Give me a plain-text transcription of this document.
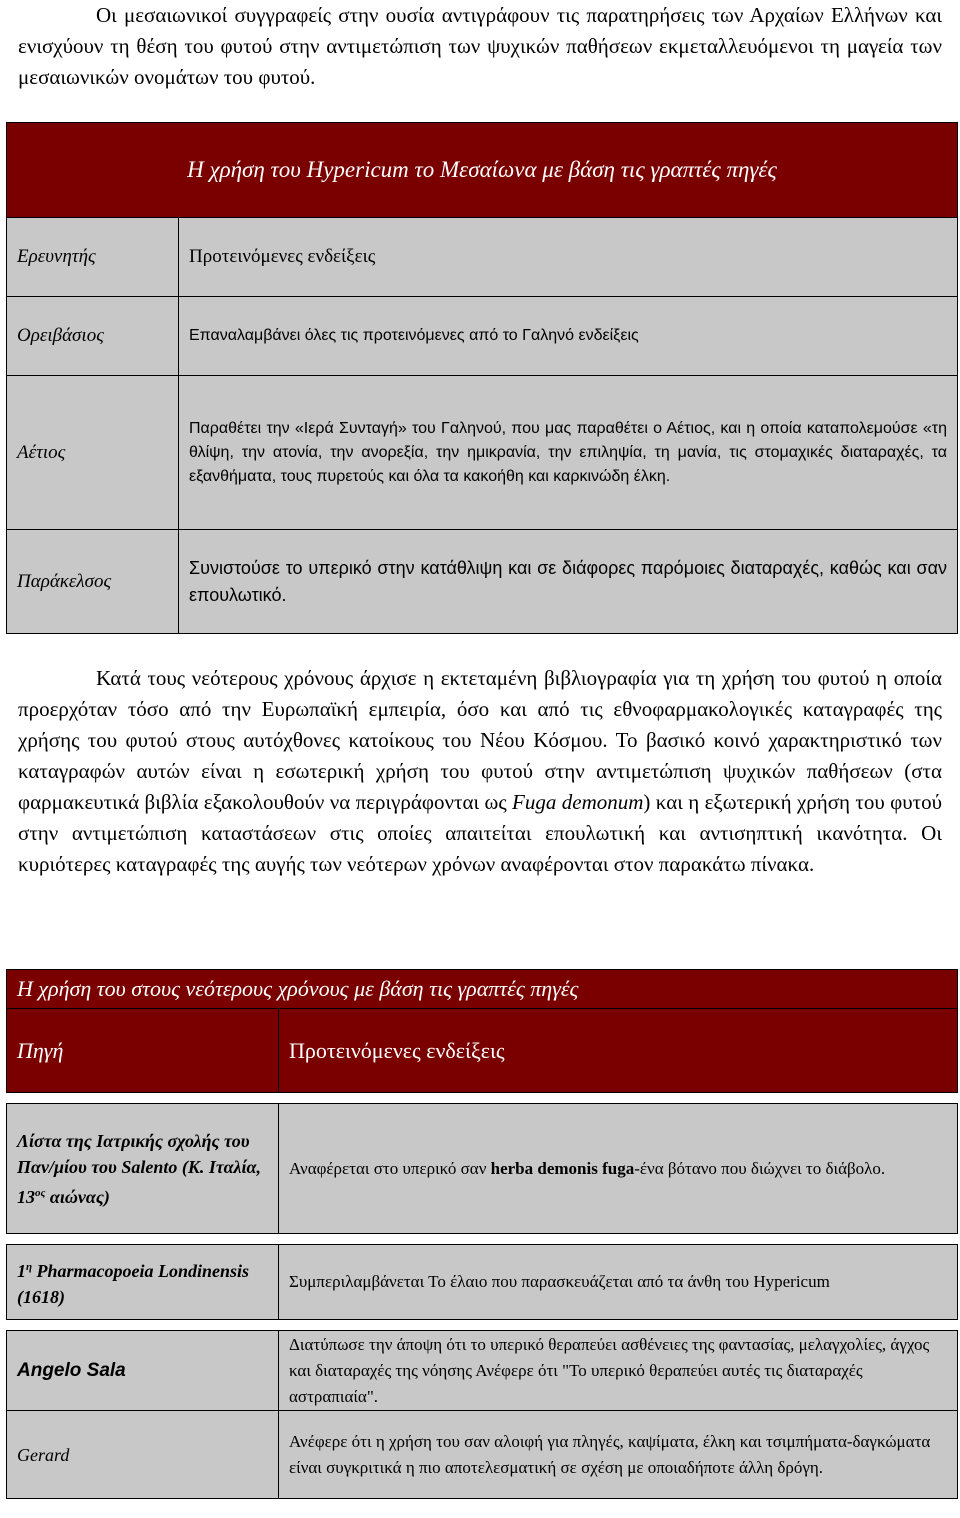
Οι μεσαιωνικοί συγγραφείς στην ουσία αντιγράφουν τις παρατηρήσεις των Αρχαίων Ελλήνων και ενισχύουν τη θέση του φυτού στην αντιμετώπιση των ψυχικών παθήσεων εκμεταλλευόμενοι τη μαγεία των μεσαιωνικών ονομάτων του φυτού.

Η χρήση του Hypericum το Μεσαίωνα με βάση τις γραπτές πηγές	
Ερευνητής	Προτεινόμενες ενδείξεις
Ορειβάσιος	Επαναλαμβάνει όλες τις προτεινόμενες από το Γαληνό ενδείξεις
Αέτιος	Παραθέτει την «Ιερά Συνταγή» του Γαληνού, που μας παραθέτει ο Αέτιος, και η οποία καταπολεμούσε «τη θλίψη, την ατονία, την ανορεξία, την ημικρανία, την επιληψία, τη μανία, τις στομαχικές διαταραχές, τα εξανθήματα, τους πυρετούς και όλα τα κακοήθη και καρκινώδη έλκη.
Παράκελσος	Συνιστούσε το υπερικό στην κατάθλιψη και σε διάφορες παρόμοιες διαταραχές, καθώς και σαν επουλωτικό.

Κατά τους νεότερους χρόνους άρχισε η εκτεταμένη βιβλιογραφία για τη χρήση του φυτού η οποία προερχόταν τόσο από την Ευρωπαϊκή εμπειρία, όσο και από τις εθνοφαρμακολογικές καταγραφές της χρήσης του φυτού στους αυτόχθονες κατοίκους του Νέου Κόσμου. Το βασικό κοινό χαρακτηριστικό των καταγραφών αυτών είναι η εσωτερική χρήση του φυτού στην αντιμετώπιση ψυχικών παθήσεων (στα φαρμακευτικά βιβλία εξακολουθούν να περιγράφονται ως Fuga demonum) και η εξωτερική χρήση του φυτού στην αντιμετώπιση καταστάσεων στις οποίες απαιτείται επουλωτική και αντισηπτική ικανότητα. Οι κυριότερες καταγραφές της αυγής των νεότερων χρόνων αναφέρονται στον παρακάτω πίνακα.

Η χρήση του στους νεότερους χρόνους με βάση τις γραπτές πηγές	
Πηγή	Προτεινόμενες ενδείξεις

Λίστα της Ιατρικής σχολής του Παν/μίου του Salento (Κ. Ιταλία, $13^{o\varsigma}$ αιώνας)	Αναφέρεται στο υπερικό σαν herba demonis fuga-ένα βότανο που διώχνει το διάβολο.

$1^\eta$ Pharmacopoeia Londinensis (1618)	Συμπεριλαμβάνεται Το έλαιο που παρασκευάζεται από τα άνθη του Hypericum

Angelo Sala	Διατύπωσε την άποψη ότι το υπερικό θεραπεύει ασθένειες της φαντασίας, μελαγχολίες, άγχος και διαταραχές της νόησης Ανέφερε ότι "Το υπερικό θεραπεύει αυτές τις διαταραχές αστραπιαία".
Gerard	Ανέφερε ότι η χρήση του σαν αλοιφή για πληγές, καψίματα, έλκη και τσιμπήματα-δαγκώματα είναι συγκριτικά η πιο αποτελεσματική σε σχέση με οποιαδήποτε άλλη δρόγη.
